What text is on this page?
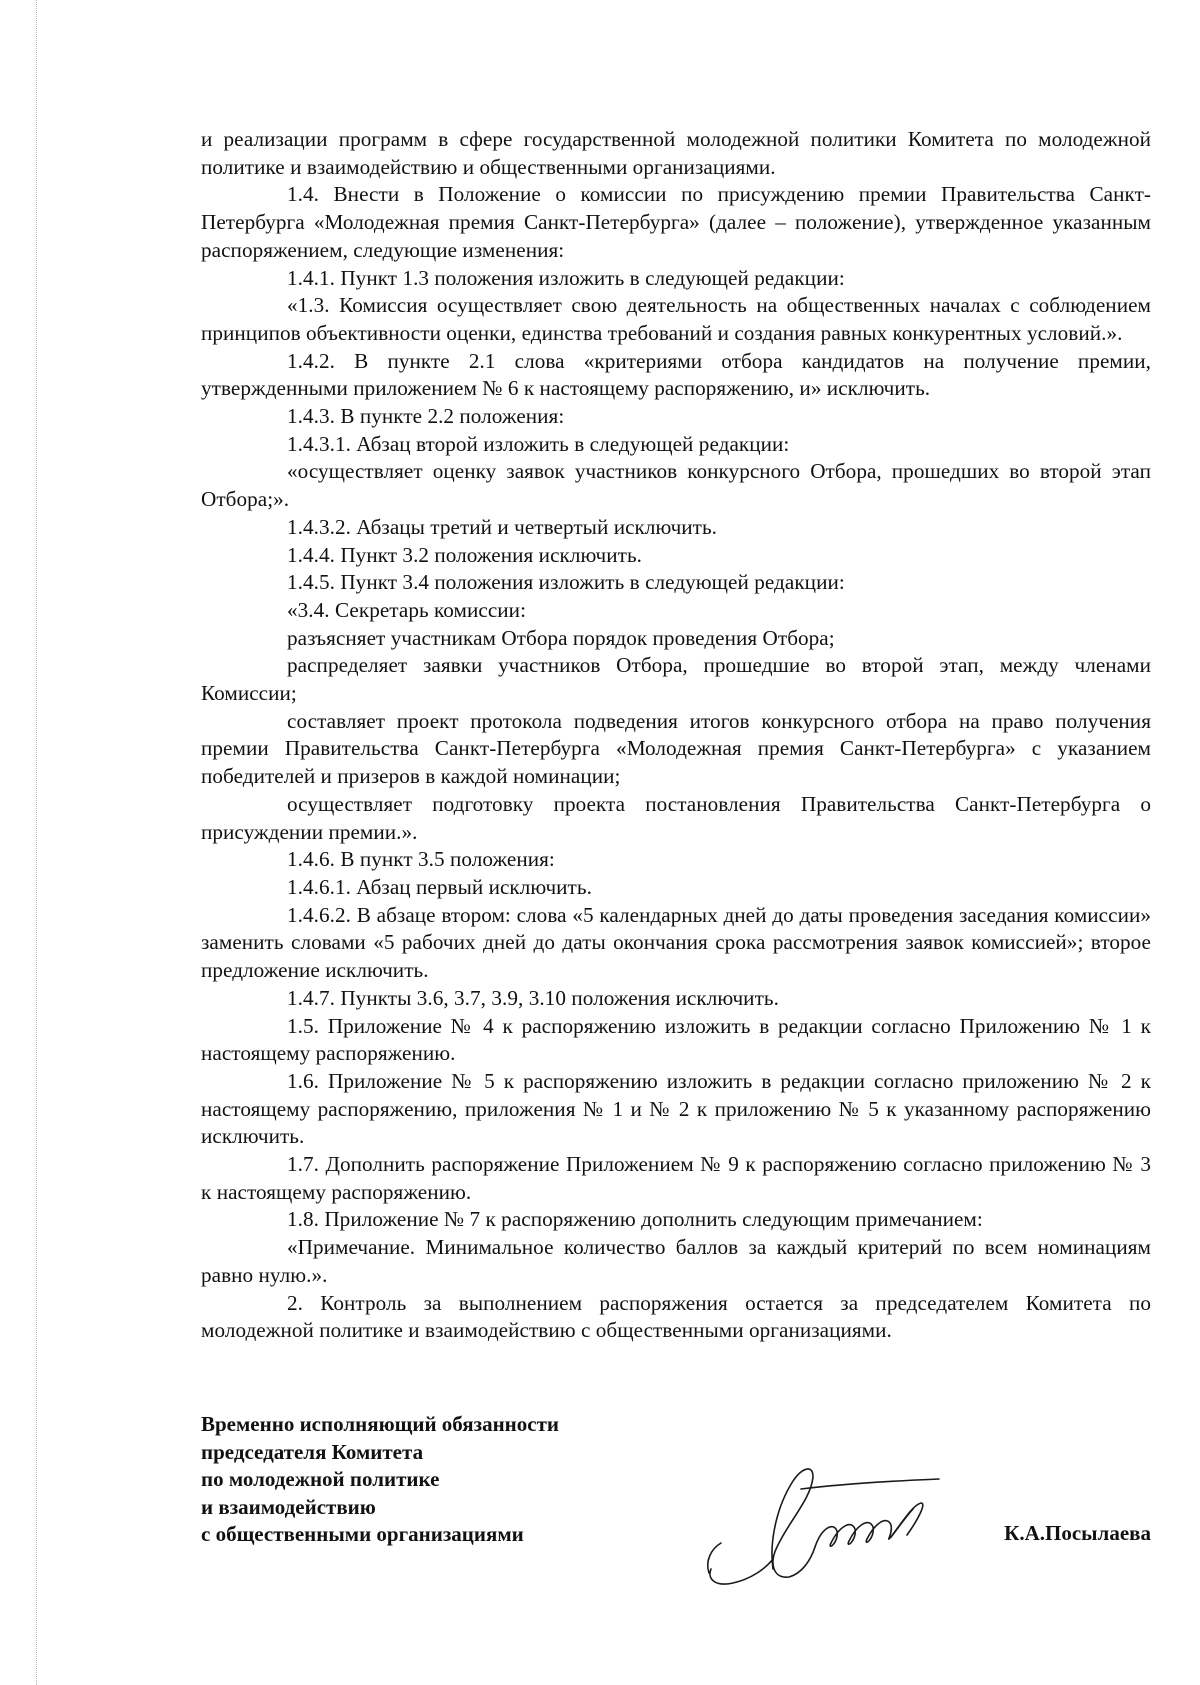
и реализации программ в сфере государственной молодежной политики Комитета по молодежной политике и взаимодействию и общественными организациями.

1.4. Внести в Положение о комиссии по присуждению премии Правительства Санкт-Петербурга «Молодежная премия Санкт-Петербурга» (далее – положение), утвержденное указанным распоряжением, следующие изменения:

1.4.1. Пункт 1.3 положения изложить в следующей редакции:

«1.3. Комиссия осуществляет свою деятельность на общественных началах с соблюдением принципов объективности оценки, единства требований и создания равных конкурентных условий.».

1.4.2. В пункте 2.1 слова «критериями отбора кандидатов на получение премии, утвержденными приложением № 6 к настоящему распоряжению, и» исключить.

1.4.3. В пункте 2.2 положения:

1.4.3.1. Абзац второй изложить в следующей редакции:

«осуществляет оценку заявок участников конкурсного Отбора, прошедших во второй этап Отбора;».

1.4.3.2. Абзацы третий и четвертый исключить.

1.4.4. Пункт 3.2 положения исключить.

1.4.5. Пункт 3.4 положения изложить в следующей редакции:

«3.4. Секретарь комиссии:

разъясняет участникам Отбора порядок проведения Отбора;

распределяет заявки участников Отбора, прошедшие во второй этап, между членами Комиссии;

составляет проект протокола подведения итогов конкурсного отбора на право получения премии Правительства Санкт-Петербурга «Молодежная премия Санкт-Петербурга» с указанием победителей и призеров в каждой номинации;

осуществляет подготовку проекта постановления Правительства Санкт-Петербурга о присуждении премии.».

1.4.6. В пункт 3.5 положения:

1.4.6.1. Абзац первый исключить.

1.4.6.2. В абзаце втором: слова «5 календарных дней до даты проведения заседания комиссии» заменить словами «5 рабочих дней до даты окончания срока рассмотрения заявок комиссией»; второе предложение исключить.

1.4.7. Пункты 3.6, 3.7, 3.9, 3.10 положения исключить.

1.5. Приложение № 4 к распоряжению изложить в редакции согласно Приложению № 1 к настоящему распоряжению.

1.6. Приложение № 5 к распоряжению изложить в редакции согласно приложению № 2 к настоящему распоряжению, приложения № 1 и № 2 к приложению № 5 к указанному распоряжению исключить.

1.7. Дополнить распоряжение Приложением № 9 к распоряжению согласно приложению № 3 к настоящему распоряжению.

1.8. Приложение № 7 к распоряжению дополнить следующим примечанием:

«Примечание. Минимальное количество баллов за каждый критерий по всем номинациям равно нулю.».

2. Контроль за выполнением распоряжения остается за председателем Комитета по молодежной политике и взаимодействию с общественными организациями.

Временно исполняющий обязанности
председателя Комитета
по молодежной политике
и взаимодействию
с общественными организациями	К.А.Посылаева
